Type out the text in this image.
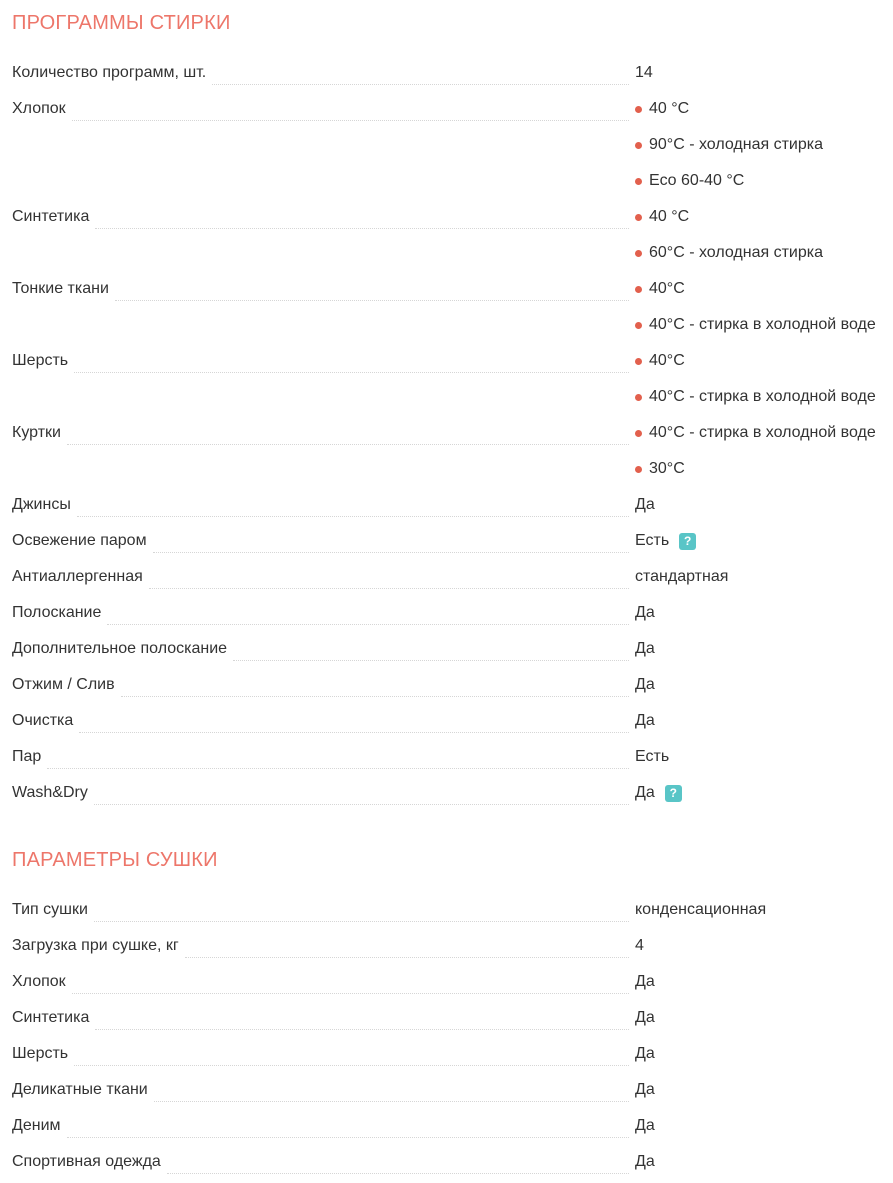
ПРОГРАММЫ СТИРКИ
Количество программ, шт.	14
Хлопок	40 °C
90°C - холодная стирка
Eco 60-40 °C
Синтетика	40 °C
60°C - холодная стирка
Тонкие ткани	40°C
40°C - стирка в холодной воде
Шерсть	40°C
40°C - стирка в холодной воде
Куртки	40°C - стирка в холодной воде
30°C
Джинсы	Да
Освежение паром	Есть	?
Антиаллергенная	стандартная
Полоскание	Да
Дополнительное полоскание	Да
Отжим / Слив	Да
Очистка	Да
Пар	Есть
Wash&Dry	Да	?
ПАРАМЕТРЫ СУШКИ
Тип сушки	конденсационная
Загрузка при сушке, кг	4
Хлопок	Да
Синтетика	Да
Шерсть	Да
Деликатные ткани	Да
Деним	Да
Спортивная одежда	Да
